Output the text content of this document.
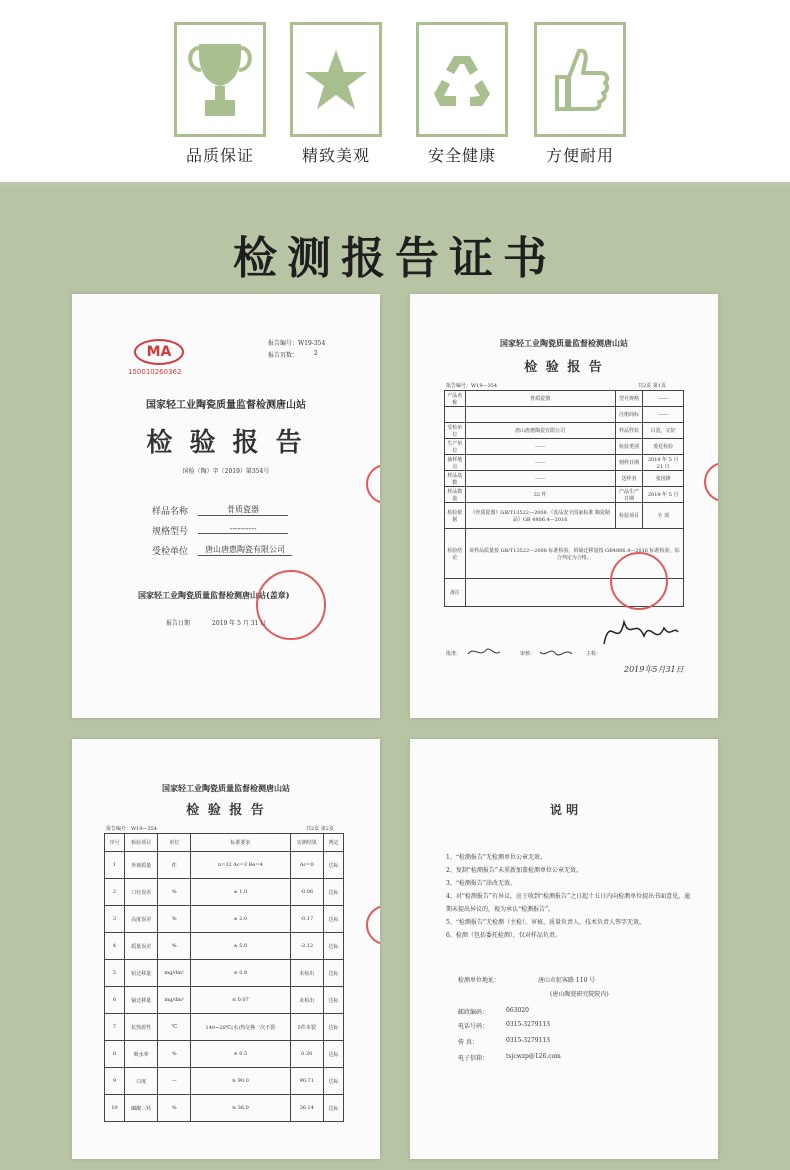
品质保证	精致美观	安全健康	方便耐用
检测报告证书
报告编号：W19-354
报告页数：	2
MA
150010260362
国家轻工业陶瓷质量监督检测唐山站
检 验 报 告
国检（陶）字（2019）第354号
样品名称	骨质瓷器
规格型号	----------
受检单位	唐山唐惠陶瓷有限公司
国家轻工业陶瓷质量监督检测唐山站(盖章)
报告日期	2019 年 5 月 31 日
国家轻工业陶瓷质量监督检测唐山站
检 验 报 告
报告编号：W19—354	共2页 第1页
产品名称	骨质瓷器	型号规格	——
		注册商标	——
受检单位	唐山唐惠陶瓷有限公司	样品性状	白瓷，完好
生产单位	——	检验类别	委托检验
抽样地点	——	到样日期	2019 年 5 月 21 日
样品基数	——	送样者	张国锋
样品数量	32 件	产品生产日期	2019 年 5 月
检验依据	《骨质瓷器》GB/T13522—2008 《食品安全国家标准 陶瓷制品》GB 4806.4—2016	检验项目	全 项
检验结论	该样品质量按 GB/T13522—2008 标准检验，铅镉迁移量按 GB4806.4—2016 标准检验，综合判定为合格。		
备注			
批准：	审核：	主检：
2019年5月31日
国家轻工业陶瓷质量监督检测唐山站
检 验 报 告
报告编号：W19—354	共2页 第2页
序号	检验项目	单位	标准要求	实测结果	判定
1	外观质量	件	n=32 Ac=3 Re=4	Ac=0	达标
2	口径误差	%	± 1.0	-0.06	达标
3	高度误差	%	± 2.0	-0.17	达标
4	质量误差	%	± 5.0	-2.12	达标
5	铅迁移量	mg/dm²	≤ 0.8	未检出	达标
6	镉迁移量	mg/dm²	≤ 0.07	未检出	达标
7	抗热震性	℃	140~20℃(水)热交换一次不裂	5件未裂	达标
8	吸水率	%	≤ 0.5	0.20	达标
9	白度	—	≥ 90.0	90.71	达标
10	磷酸三钙	%	≥ 36.0	36.14	达标
说 明
1、“检测报告”无检测单位公章无效。
2、复制“检测报告”未重新加盖检测单位公章无效。
3、“检测报告”涂改无效。
4、对“检测报告”有异议，应于收到“检测报告”之日起十五日内向检测单位提出书面意见，逾期未提出异议的，视为承认“检测报告”。
5、“检测报告”无检测（主检）、审核、质量负责人、技术负责人签字无效。
6、检测（包括委托检测），仅对样品负责。
检测单位地址：	唐山市虹客路 110 号
(唐山陶瓷研究院院内)
邮政编码：	063020
电话号码：	0315-3279113
传 真：	0315-3279113
电子信箱：	tsjcwzp@126.com
